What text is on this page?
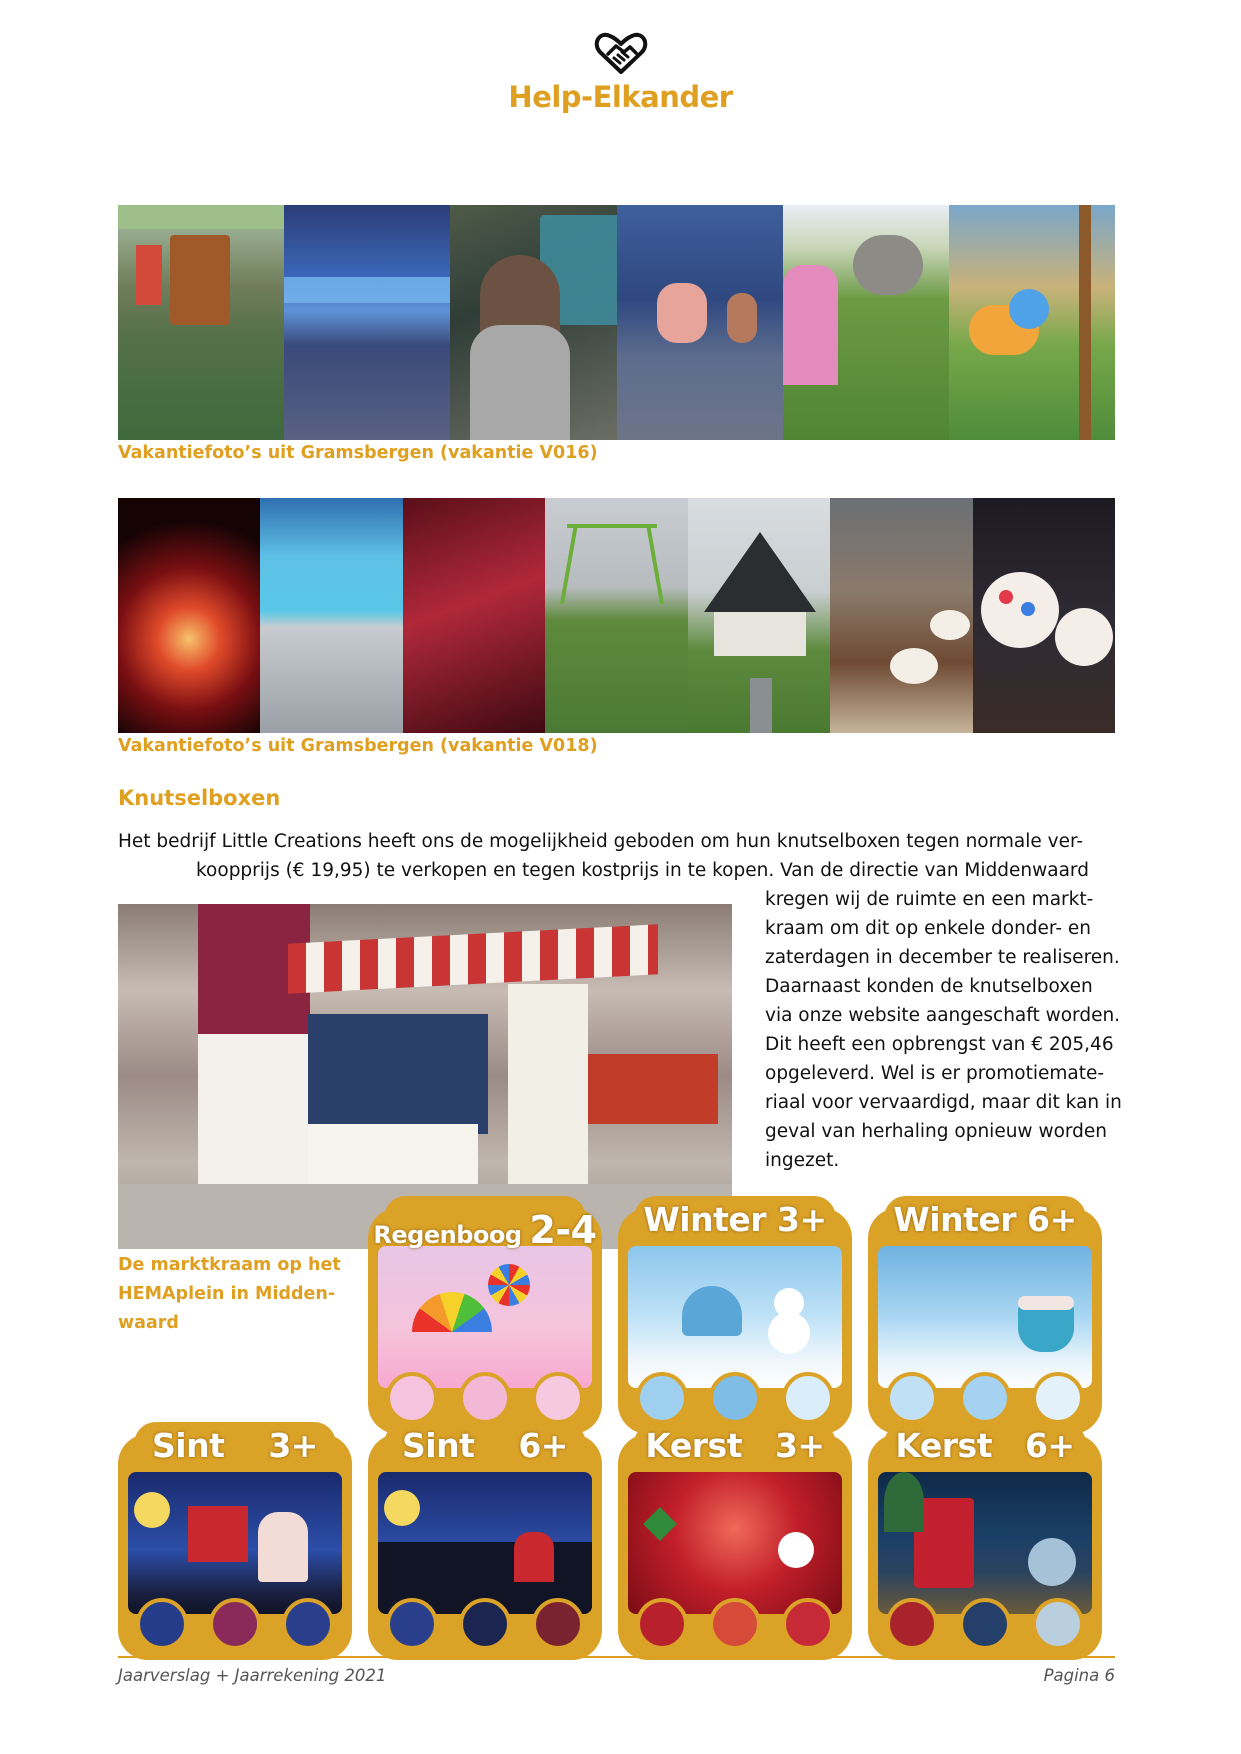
Help-Elkander
Vakantiefoto’s uit Gramsbergen (vakantie V016)
Vakantiefoto’s uit Gramsbergen (vakantie V018)
Knutselboxen
Het bedrijf Little Creations heeft ons de mogelijkheid geboden om hun knutselboxen tegen normale ver-
koopprijs (€ 19,95) te verkopen en tegen kostprijs in te kopen. Van de directie van Middenwaard
kregen wij de ruimte en een markt-
kraam om dit op enkele donder- en
zaterdagen in december te realiseren.
Daarnaast konden de knutselboxen
via onze website aangeschaft worden.
Dit heeft een opbrengst van € 205,46
opgeleverd. Wel is er promotiemate-
riaal voor vervaardigd, maar dit kan in
geval van herhaling opnieuw worden
ingezet.
De marktkraam op het
HEMAplein in Midden-
waard
Regenboog 2-4	Winter 3+	Winter 6+
Sint 3+	Sint 6+	Kerst 3+	Kerst 6+
Jaarverslag + Jaarrekening 2021	Pagina 6
